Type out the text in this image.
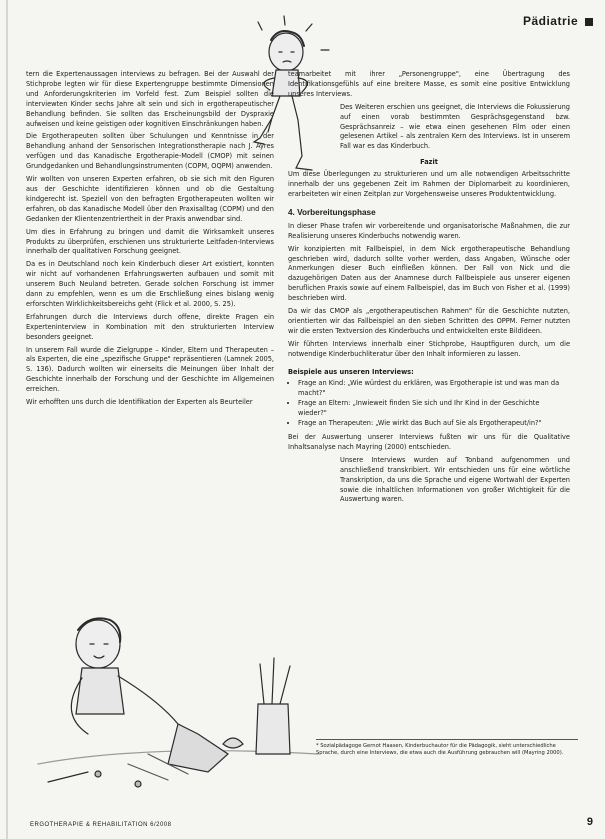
Pädiatrie

tern die Expertenaussagen interviews zu befragen. Bei der Auswahl der Stichprobe legten wir für diese Expertengruppe bestimmte Dimensionen und Anforderungskriterien im Vorfeld fest. Zum Beispiel sollten die interviewten Kinder sechs Jahre alt sein und sich in ergotherapeutischer Behandlung befinden. Sie sollten das Erscheinungsbild der Dyspraxie aufweisen und keine geistigen oder kognitiven Einschränkungen haben.

Die Ergotherapeuten sollten über Schulungen und Kenntnisse in der Behandlung anhand der Sensorischen Integrationstherapie nach J. Ayres verfügen und das Kanadische Ergotherapie-Modell (CMOP) mit seinen Grundgedanken und Behandlungsinstrumenten (COPM, OQPM) anwenden.

Wir wollten von unseren Experten erfahren, ob sie sich mit den Figuren aus der Geschichte identifizieren können und ob die Gestaltung kindgerecht ist. Speziell von den befragten Ergotherapeuten wollten wir erfahren, ob das Kanadische Modell über den Praxisalltag (COPM) und den Gedanken der Klientenzentriertheit in der Praxis anwendbar sind.

Um dies in Erfahrung zu bringen und damit die Wirksamkeit unseres Produkts zu überprüfen, erschienen uns strukturierte Leitfaden-Interviews innerhalb der qualitativen Forschung geeignet.

Da es in Deutschland noch kein Kinderbuch dieser Art existiert, konnten wir nicht auf vorhandenen Erfahrungswerten aufbauen und somit mit unserem Buch Neuland betreten. Gerade solchen Forschung ist immer dann zu empfehlen, wenn es um die Erschließung eines bislang wenig erforschten Wirklichkeitsbereichs geht (Flick et al. 2000, S. 25).

Erfahrungen durch die Interviews durch offene, direkte Fragen ein Experteninterview in Kombination mit den strukturierten Interview besonders geeignet.

In unserem Fall wurde die Zielgruppe – Kinder, Eltern und Therapeuten – als Experten, die eine „spezifische Gruppe" repräsentieren (Lamnek 2005, S. 136). Dadurch wollten wir einerseits die Meinungen über Inhalt der Geschichte innerhalb der Forschung und der Geschichte im Allgemeinen erreichen.

Wir erhofften uns durch die Identifikation der Experten als Beurteiler

teamarbeitet mit ihrer „Personengruppe", eine Übertragung des Identifikationsgefühls auf eine breitere Masse, es somit eine positive Entwicklung unseres Interviews.

Des Weiteren erschien uns geeignet, die Interviews die Fokussierung auf einen vorab bestimmten Gesprächsgegenstand bzw. Gesprächsanreiz – wie etwa einen gesehenen Film oder einen gelesenen Artikel – als zentralen Kern des Interviews. Ist in unserem Fall war es das Kinderbuch.

Fazit

Um diese Überlegungen zu strukturieren und um alle notwendigen Arbeitsschritte innerhalb der uns gegebenen Zeit im Rahmen der Diplomarbeit zu koordinieren, erarbeiteten wir einen Zeitplan zur Vorgehensweise unseres Produktentwicklung.

4. Vorbereitungsphase

In dieser Phase trafen wir vorbereitende und organisatorische Maßnahmen, die zur Realisierung unseres Kinderbuchs notwendig waren.

Wir konzipierten mit Fallbeispiel, in dem Nick ergotherapeutische Behandlung geschrieben wird, dadurch sollte vorher werden, dass Angaben, Wünsche oder Anmerkungen dieser Buch einfließen können. Der Fall von Nick und die dazugehörigen Daten aus der Anamnese durch Fallbeispiele aus unserer eigenen beruflichen Praxis sowie auf einem Fallbeispiel, das im Buch von Fisher et al. (1999) beschrieben wird.

Da wir das CMOP als „ergotherapeutischen Rahmen" für die Geschichte nutzten, orientierten wir das Fallbeispiel an den sieben Schritten des OPPM. Ferner nutzten wir die ersten Textversion des Kinderbuchs und entwickelten erste Bildideen.

Wir führten Interviews innerhalb einer Stichprobe, Hauptfiguren durch, um die notwendige Kinderbuchliteratur über den Inhalt informieren zu lassen.

Beispiele aus unseren Interviews:
• Frage an Kind: „Wie würdest du erklären, was Ergotherapie ist und was man da macht?"
• Frage an Eltern: „Inwieweit finden Sie sich und Ihr Kind in der Geschichte wieder?"
• Frage an Therapeuten: „Wie wirkt das Buch auf Sie als Ergotherapeut/in?"

Bei der Auswertung unserer Interviews fußten wir uns für die Qualitative Inhaltsanalyse nach Mayring (2000) entschieden.

Unsere Interviews wurden auf Tonband aufgenommen und anschließend transkribiert. Wir entschieden uns für eine wörtliche Transkription, da uns die Sprache und eigene Wortwahl der Experten sowie die inhaltlichen Informationen von großer Wichtigkeit für die Auswertung waren.

* Sozialpädagoge Gernot Haasen, Kinderbuchautor für die Pädagogik, sieht unterschiedliche Sprache, durch eine Interviews, die etwa auch die Ausführung gebrauchen will (Mayring 2000).
ERGOTHERAPIE & REHABILITATION 6/2008	9
